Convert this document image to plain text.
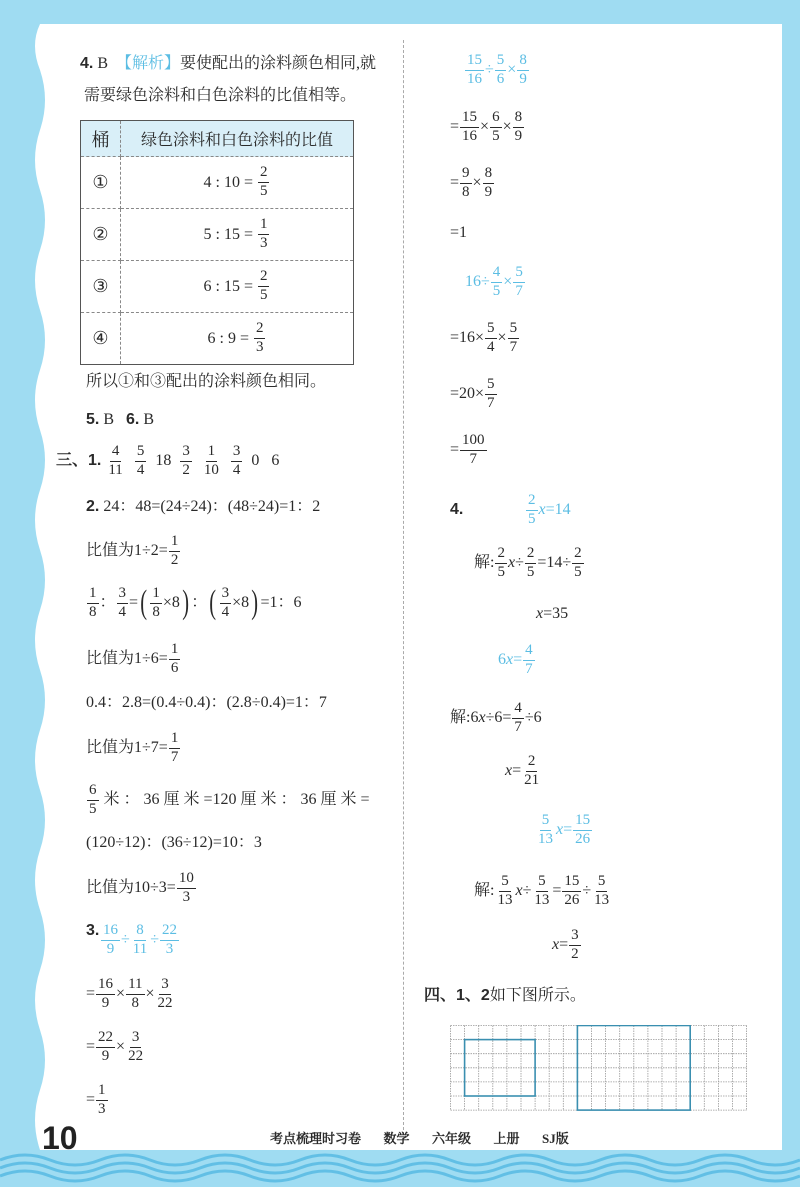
4. B 【解析】 要使配出的涂料颜色相同,就
需要绿色涂料和白色涂料的比值相等。
桶	绿色涂料和白色涂料的比值
①	4 : $10 = \frac{2}{5}$

②	5 : $15 = \frac{1}{3}$

③	6 : $15 = \frac{2}{5}$

④	6 : $9 = \frac{2}{3}$
所以①和③配出的涂料颜色相同。
5. B 6. B
三、1.
$\frac{4}{11}$
$\frac{5}{4} 18 \frac{3}{2}$
$\frac{1}{10}$
$\frac{3}{4} 0$   6
2. 24：48=(24÷24)：(48÷24)=1：2
比值为$1\div 2= \frac{1}{2}$
$\frac{1}{8}$ ： $\frac{3}{4}$ = ( $\frac{1}{8} \times 8$ ) ： ( $\frac{3}{4} \times 8$ ) =1：6
比值为$1\div 6= \frac{1}{6}$
0.4：2.8=(0.4÷0.4)：(2.8÷0.4)=1：7
比值为$1\div 7= \frac{1}{7}$
$\frac{6}{5}$ 米 ： 36 厘 米 =120 厘 米 ： 36 厘 米 =
(120÷12)：(36÷12)=10：3
比值为$10\div 3= \frac{10}{3}$
3.
$\frac{16}{9} \div \frac{8}{11} \div \frac{22}{3}$
= $\frac{16}{9} \times \frac{11}{8} \times \frac{3}{22}$
= $\frac{22}{9} \times \frac{3}{22}$
= $\frac{1}{3}$
$\frac{15}{16} \div \frac{5}{6} \times \frac{8}{9}$
= $\frac{15}{16} \times \frac{6}{5} \times \frac{8}{9}$
= $\frac{9}{8} \times \frac{8}{9}$
=1
$16\div \frac{4}{5} \times \frac{5}{7}$
$=16\times \frac{5}{4} \times \frac{5}{7}$
$=20\times \frac{5}{7}$
= $\frac{100}{7}$
4.	$\frac{2}{5}$ x =14
解: $\frac{2}{5}$ $x \div \frac{2}{5} =14\div \frac{2}{5}$
x =35
6 $x = \frac{4}{7}$
解:6 $x \div 6= \frac{4}{7} \div 6$
$x = \frac{2}{21}$
$\frac{5}{13}$ $x = \frac{15}{26}$
解: $\frac{5}{13}$ $x \div \frac{5}{13} = \frac{15}{26} \div \frac{5}{13}$
$x = \frac{3}{2}$
四、1、2 如下图所示。
10	考点梳理时习卷  数学  六年级  上册  SJ版
